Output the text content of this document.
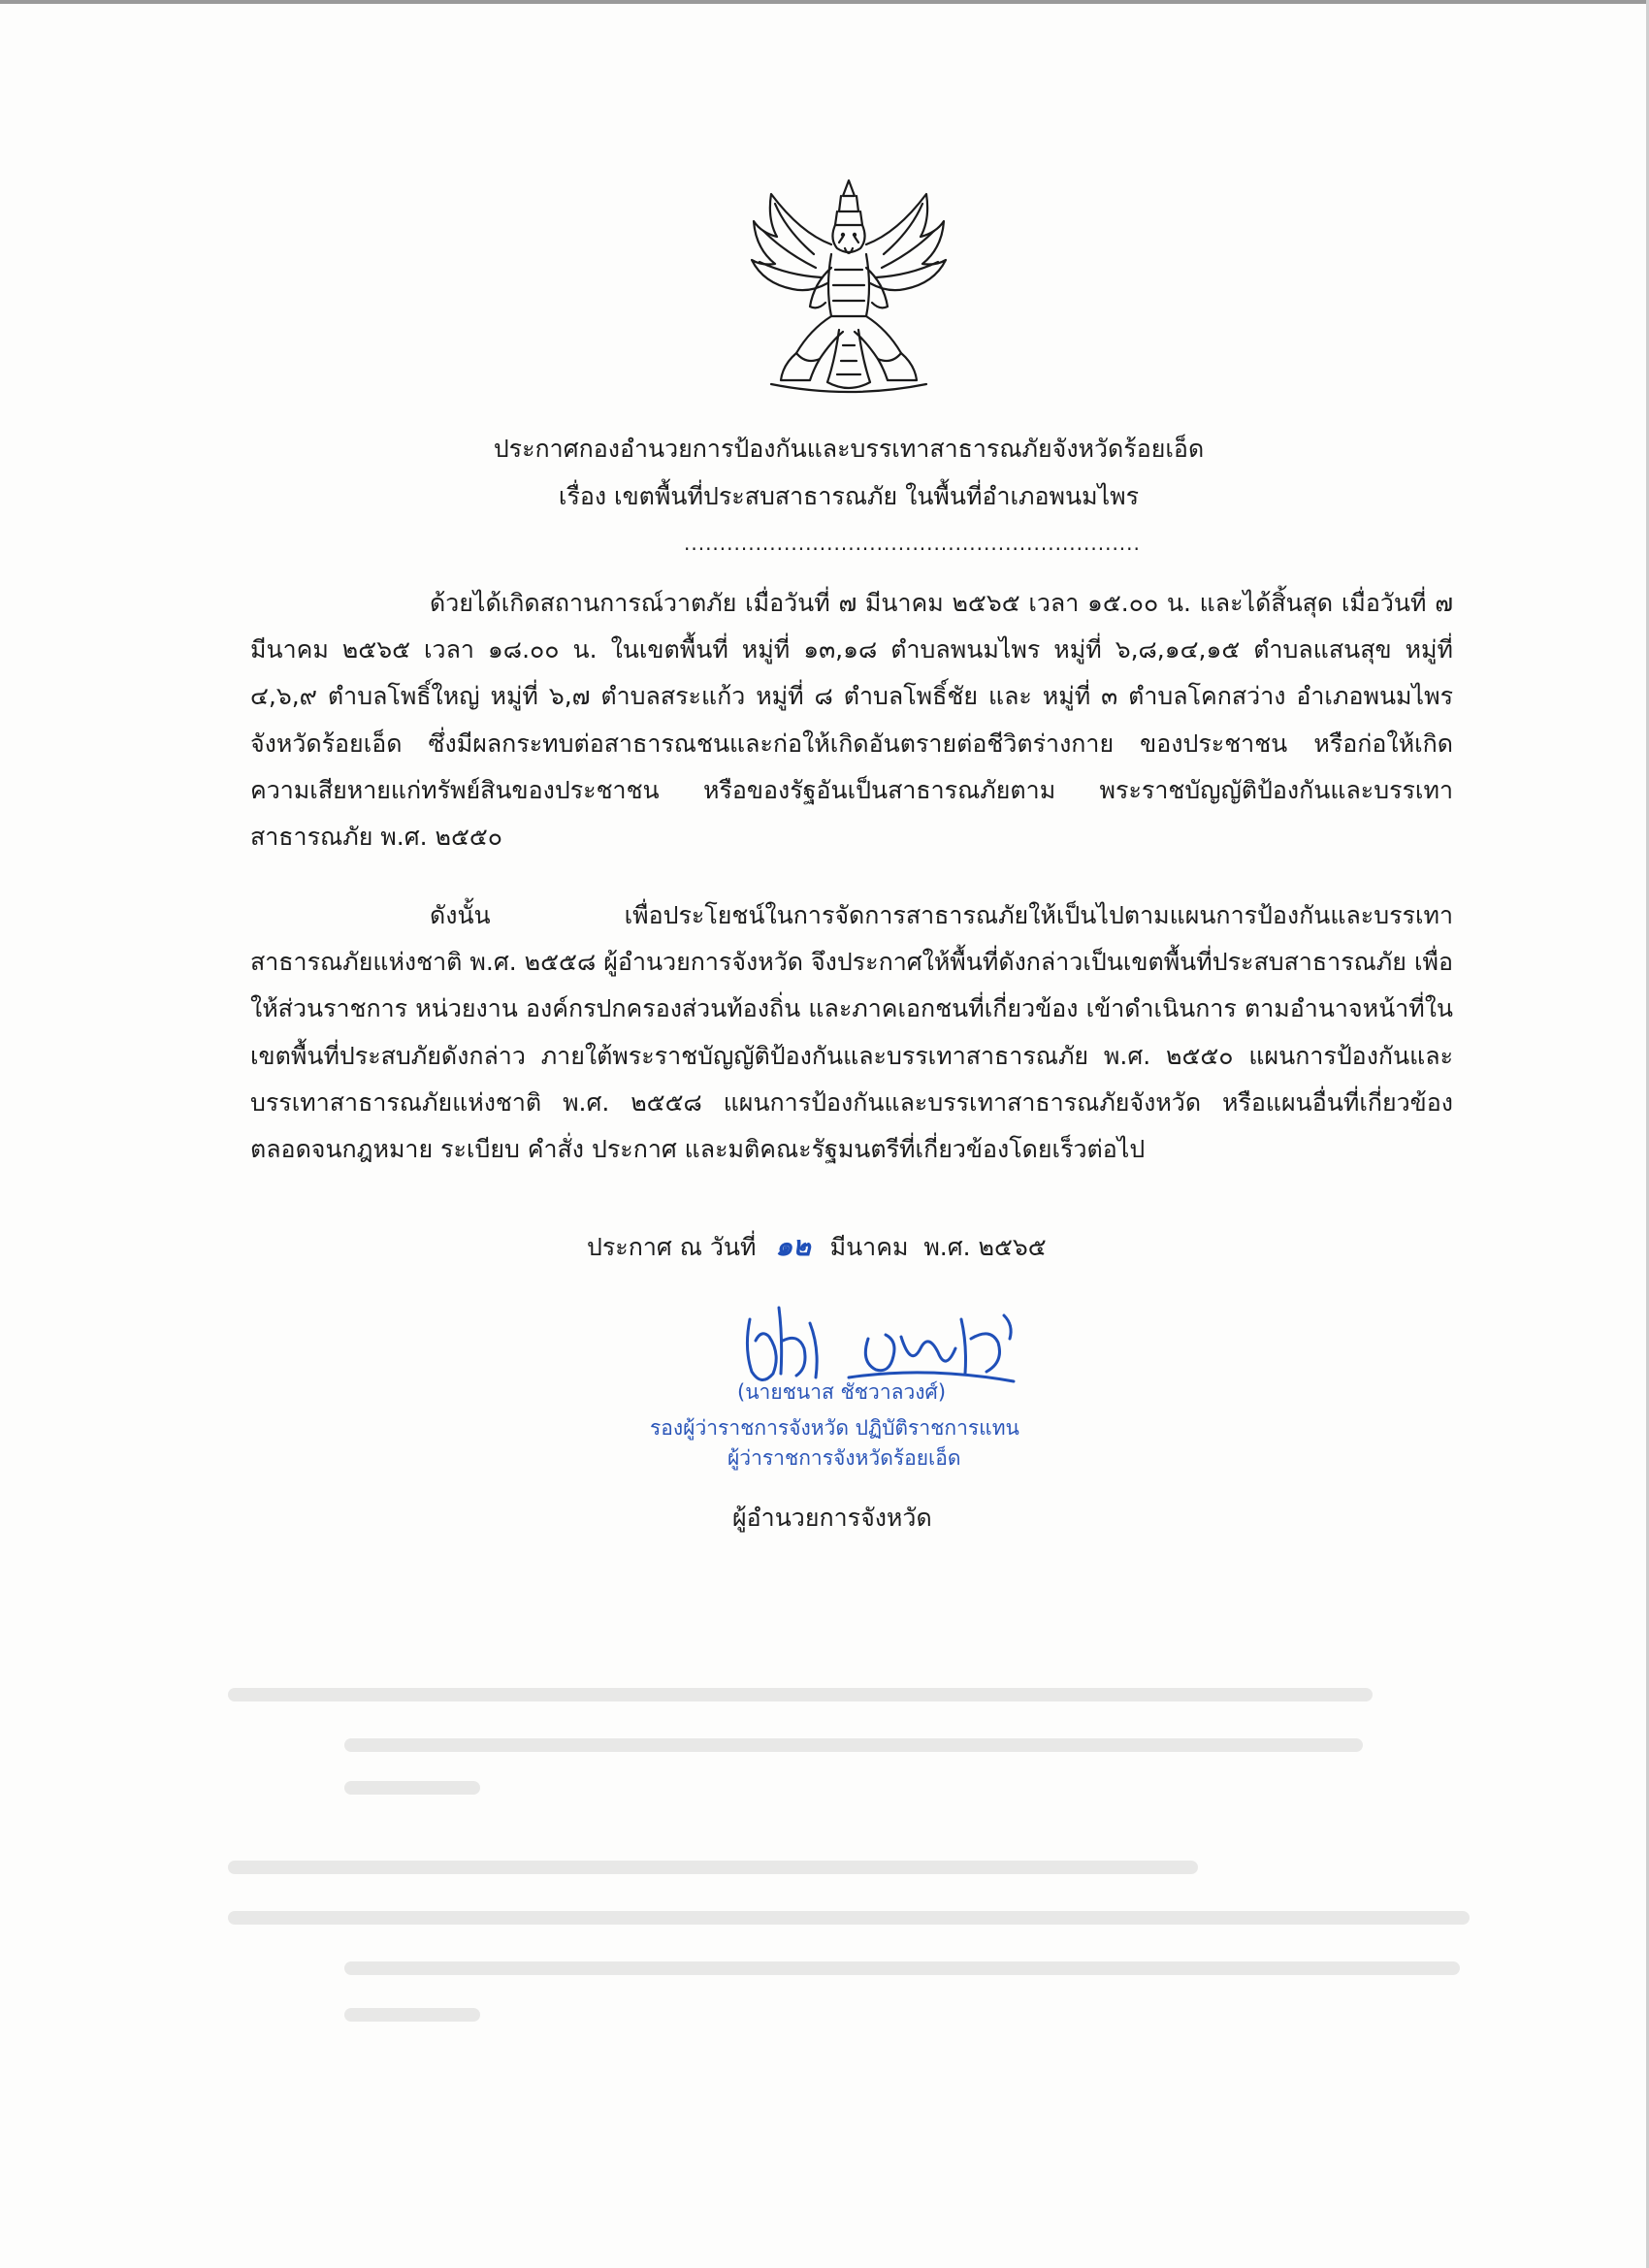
ประกาศกองอำนวยการป้องกันและบรรเทาสาธารณภัยจังหวัดร้อยเอ็ด
เรื่อง เขตพื้นที่ประสบสาธารณภัย ในพื้นที่อำเภอพนมไพร
................................................................

ด้วยได้เกิดสถานการณ์วาตภัย เมื่อวันที่ ๗ มีนาคม ๒๕๖๕ เวลา ๑๕.๐๐ น. และได้สิ้นสุด เมื่อวันที่ ๗ มีนาคม ๒๕๖๕ เวลา ๑๘.๐๐ น. ในเขตพื้นที่ หมู่ที่ ๑๓,๑๘ ตำบลพนมไพร หมู่ที่ ๖,๘,๑๔,๑๕ ตำบลแสนสุข หมู่ที่ ๔,๖,๙ ตำบลโพธิ์ใหญ่ หมู่ที่ ๖,๗ ตำบลสระแก้ว หมู่ที่ ๘ ตำบลโพธิ์ชัย และ หมู่ที่ ๓ ตำบลโคกสว่าง อำเภอพนมไพร จังหวัดร้อยเอ็ด ซึ่งมีผลกระทบต่อสาธารณชนและก่อให้เกิดอันตรายต่อชีวิตร่างกาย ของประชาชน หรือก่อให้เกิดความเสียหายแก่ทรัพย์สินของประชาชน หรือของรัฐอันเป็นสาธารณภัยตาม พระราชบัญญัติป้องกันและบรรเทาสาธารณภัย พ.ศ. ๒๕๕๐

ดังนั้น เพื่อประโยชน์ในการจัดการสาธารณภัยให้เป็นไปตามแผนการป้องกันและบรรเทา สาธารณภัยแห่งชาติ พ.ศ. ๒๕๕๘ ผู้อำนวยการจังหวัด จึงประกาศให้พื้นที่ดังกล่าวเป็นเขตพื้นที่ประสบสาธารณภัย เพื่อให้ส่วนราชการ หน่วยงาน องค์กรปกครองส่วนท้องถิ่น และภาคเอกชนที่เกี่ยวข้อง เข้าดำเนินการ ตามอำนาจหน้าที่ในเขตพื้นที่ประสบภัยดังกล่าว ภายใต้พระราชบัญญัติป้องกันและบรรเทาสาธารณภัย พ.ศ. ๒๕๕๐ แผนการป้องกันและบรรเทาสาธารณภัยแห่งชาติ พ.ศ. ๒๕๕๘ แผนการป้องกันและบรรเทาสาธารณภัยจังหวัด หรือแผนอื่นที่เกี่ยวข้อง ตลอดจนกฎหมาย ระเบียบ คำสั่ง ประกาศ และมติคณะรัฐมนตรีที่เกี่ยวข้องโดยเร็วต่อไป

ประกาศ ณ วันที่ ๑๒ มีนาคม พ.ศ. ๒๕๖๕
(นายชนาส ชัชวาลวงศ์)
รองผู้ว่าราชการจังหวัด ปฏิบัติราชการแทน
ผู้ว่าราชการจังหวัดร้อยเอ็ด
ผู้อำนวยการจังหวัด
